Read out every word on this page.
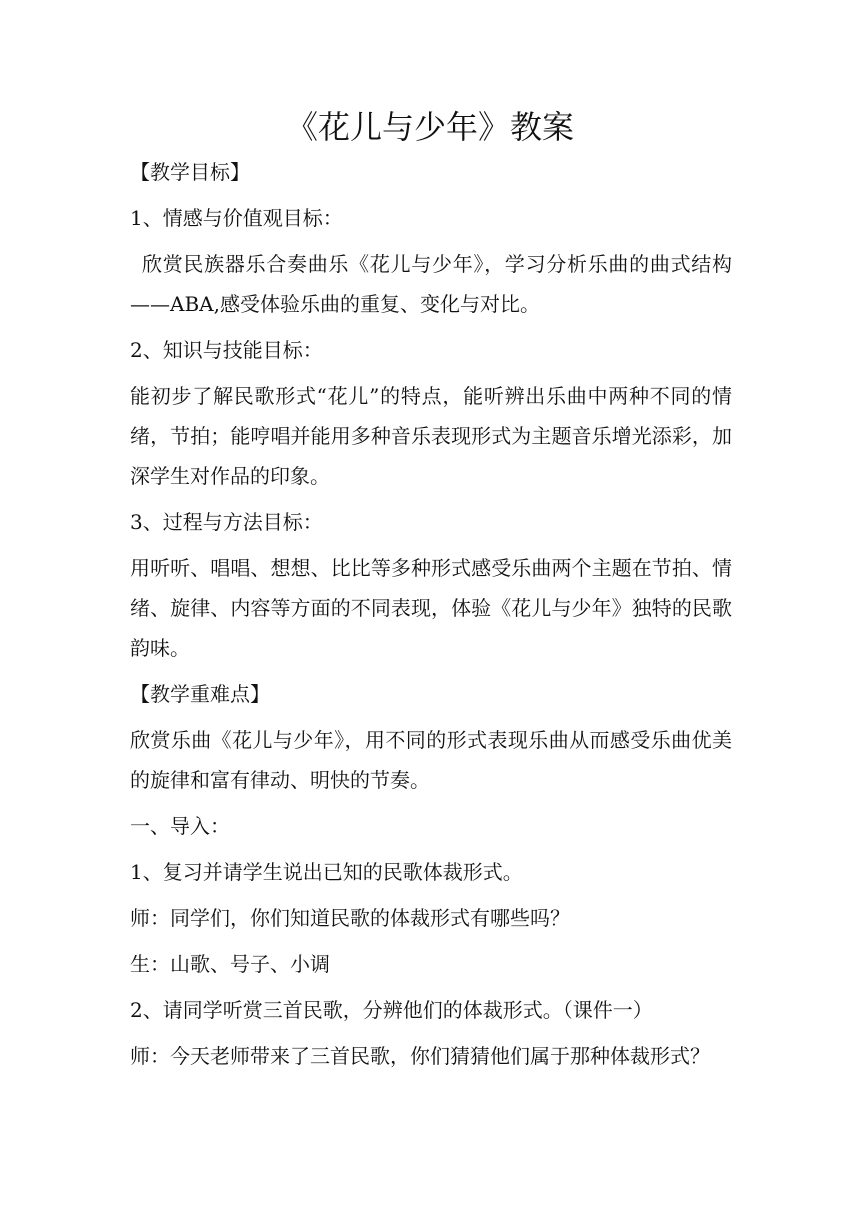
《花儿与少年》教案

【教学目标】

1、情感与价值观目标：

欣赏民族器乐合奏曲乐《花儿与少年》，学习分析乐曲的曲式结构——ABA,感受体验乐曲的重复、变化与对比。

2、知识与技能目标：

能初步了解民歌形式“花儿”的特点，能听辨出乐曲中两种不同的情绪，节拍；能哼唱并能用多种音乐表现形式为主题音乐增光添彩，加深学生对作品的印象。

3、过程与方法目标：

用听听、唱唱、想想、比比等多种形式感受乐曲两个主题在节拍、情绪、旋律、内容等方面的不同表现，体验《花儿与少年》独特的民歌韵味。

【教学重难点】

欣赏乐曲《花儿与少年》，用不同的形式表现乐曲从而感受乐曲优美的旋律和富有律动、明快的节奏。

一、导入：

1、复习并请学生说出已知的民歌体裁形式。

师：同学们，你们知道民歌的体裁形式有哪些吗？

生：山歌、号子、小调

2、请同学听赏三首民歌，分辨他们的体裁形式。（课件一）

师：今天老师带来了三首民歌，你们猜猜他们属于那种体裁形式？
